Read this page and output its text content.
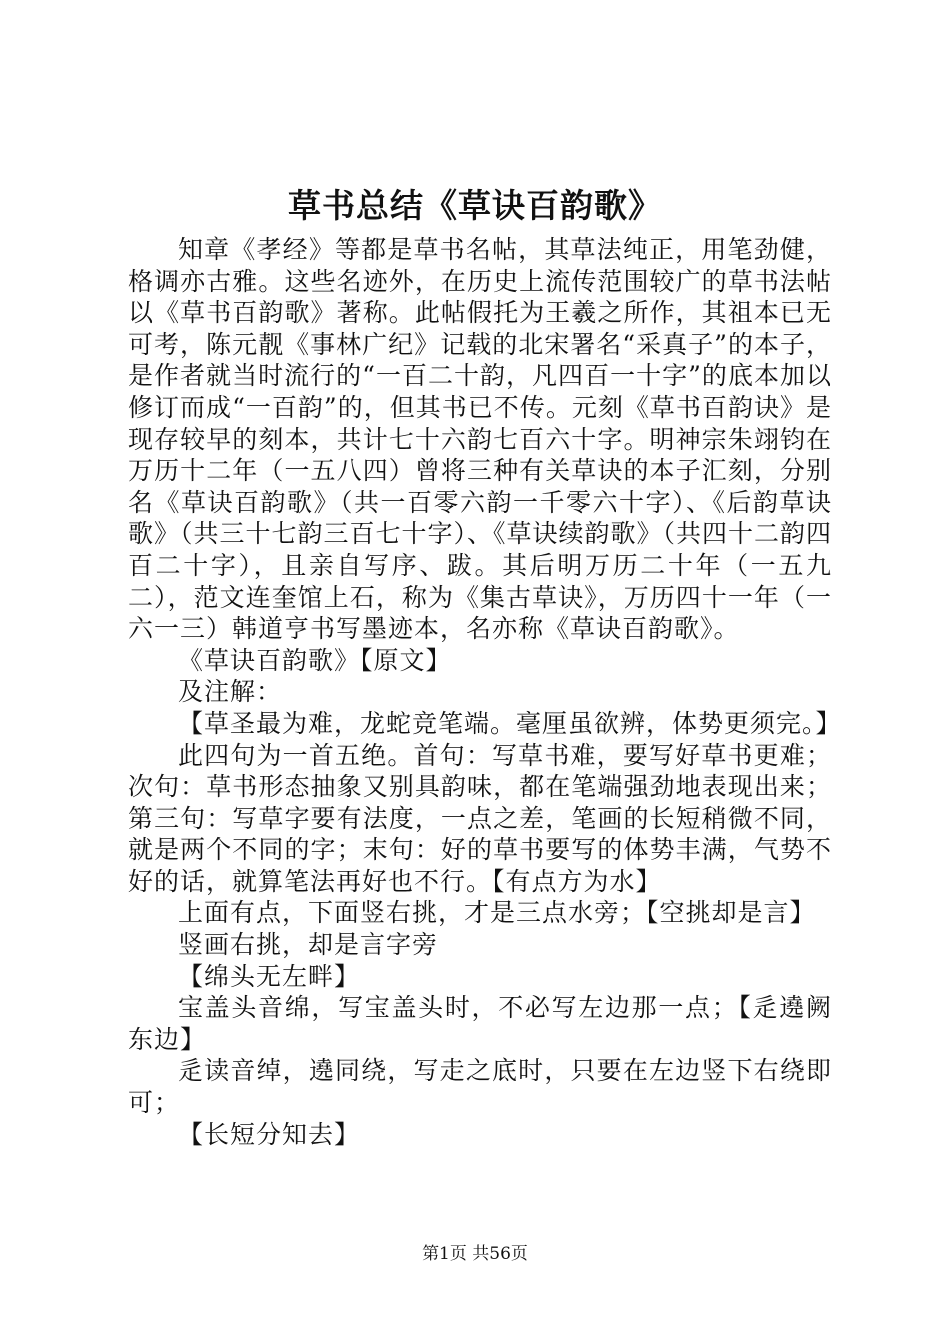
草书总结《草诀百韵歌》

知章《孝经》等都是草书名帖，其草法纯正，用笔劲健，格调亦古雅。这些名迹外，在历史上流传范围较广的草书法帖以《草书百韵歌》著称。此帖假托为王羲之所作，其祖本已无可考，陈元靓《事林广纪》记载的北宋署名“采真子”的本子，是作者就当时流行的“一百二十韵，凡四百一十字”的底本加以修订而成“一百韵”的，但其书已不传。元刻《草书百韵诀》是现存较早的刻本，共计七十六韵七百六十字。明神宗朱翊钧在万历十二年（一五八四）曾将三种有关草诀的本子汇刻，分别名《草诀百韵歌》（共一百零六韵一千零六十字）、《后韵草诀歌》（共三十七韵三百七十字）、《草诀续韵歌》（共四十二韵四百二十字），且亲自写序、跋。其后明万历二十年（一五九二），范文连奎馆上石，称为《集古草诀》，万历四十一年（一六一三）韩道亨书写墨迹本，名亦称《草诀百韵歌》。

《草诀百韵歌》【原文】

及注解：

【草圣最为难，龙蛇竞笔端。毫厘虽欲辨，体势更须完。】

此四句为一首五绝。首句：写草书难，要写好草书更难；次句：草书形态抽象又别具韵味，都在笔端强劲地表现出来；第三句：写草字要有法度，一点之差，笔画的长短稍微不同，就是两个不同的字；末句：好的草书要写的体势丰满，气势不好的话，就算笔法再好也不行。【有点方为水】

上面有点，下面竖右挑，才是三点水旁；【空挑却是言】

竖画右挑，却是言字旁

【绵头无左畔】

宝盖头音绵，写宝盖头时，不必写左边那一点；【辵遶阙东边】

辵读音绰，遶同绕，写走之底时，只要在左边竖下右绕即可；

【长短分知去】

第1页 共56页
